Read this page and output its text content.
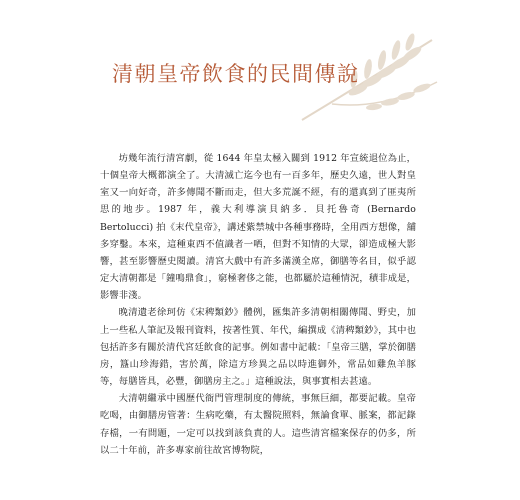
清朝皇帝飲食的民間傳說

坊幾年流行清宮劇，從 1644 年皇太極入關到 1912 年宣統退位為止，十個皇帝大概都演全了。大清滅亡迄今也有一百多年，歷史久遠，世人對皇室又一向好奇，許多傳聞不斷而走，但大多荒誕不經，有的還真到了匪夷所思的地步。1987 年，義大利導演貝納多．貝托魯奇 (Bernardo Bertolucci) 拍《末代皇帝》，講述紫禁城中各種事務時，全用西方想像，舖多穿鑿。本來，這種東西不值識者一哂，但對不知情的大眾，卻造成極大影響，甚至影響歷史閱讀。清宮大戲中有許多滿漢全席，御膳等名目，似乎認定大清朝都是「鐘鳴鼎食」，窮極奢侈之能，也都屬於這種情況，積非成是，影響非淺。

晚清遺老徐珂仿《宋稗類鈔》體例，匯集許多清朝相關傳聞、野史，加上一些私人筆記及報刊資料，按著性質、年代，編撰成《清稗類鈔》，其中也包括許多有關於清代宮廷飲食的記事。例如書中記載：「皇帝三膳，掌於御膳房，簋山珍海錯，害於萬，除這方珍異之品以時進御外，常品如雞魚羊豚等，每膳皆具，必豐，御膳房主之。」這種說法，與事實相去甚遠。

大清朝繼承中國歷代衙門管理制度的傳統，事無巨細，都要記載。皇帝吃喝，由御膳房管著：生病吃藥，有太醫院照料，無論食單、脈案，都記錄存檔，一有問題，一定可以找到該負責的人。這些清宮檔案保存的仍多，所以二十年前，許多專家前往故宮博物院，
